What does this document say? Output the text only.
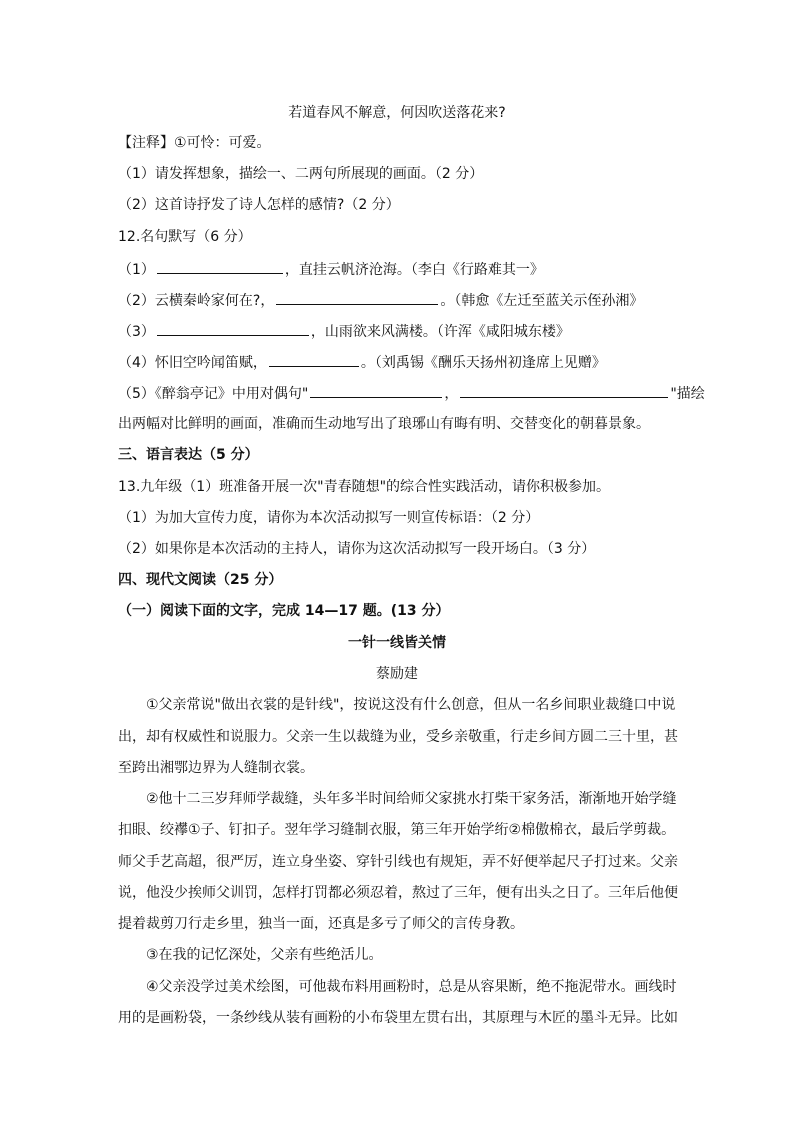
若道春风不解意，何因吹送落花来?
【注释】①可怜：可爱。
（1）请发挥想象，描绘一、二两句所展现的画面。（2 分）
（2）这首诗抒发了诗人怎样的感情?（2 分）
12.名句默写（6 分）
（1）	，直挂云帆济沧海。（李白《行路难其一》
（2）云横秦岭家何在?，	。（韩愈《左迁至蓝关示侄孙湘》
（3）	，山雨欲来风满楼。（许浑《咸阳城东楼》
（4）怀旧空吟闻笛赋，	。（刘禹锡《酬乐天扬州初逢席上见赠》
（5）《醉翁亭记》中用对偶句"	，	"描绘
出两幅对比鲜明的画面，准确而生动地写出了琅琊山有晦有明、交替变化的朝暮景象。
三、语言表达（5 分）
13.九年级（1）班准备开展一次"青春随想"的综合性实践活动，请你积极参加。
（1）为加大宣传力度，请你为本次活动拟写一则宣传标语：（2 分）
（2）如果你是本次活动的主持人，请你为这次活动拟写一段开场白。（3 分）
四、现代文阅读（25 分）
（一）阅读下面的文字，完成 14—17 题。(13 分）
一针一线皆关情
蔡励建
①父亲常说"做出衣裳的是针线"，按说这没有什么创意，但从一名乡间职业裁缝口中说
出，却有权威性和说服力。父亲一生以裁缝为业，受乡亲敬重，行走乡间方圆二三十里，甚
至跨出湘鄂边界为人缝制衣裳。
②他十二三岁拜师学裁缝，头年多半时间给师父家挑水打柴干家务活，渐渐地开始学缝
扣眼、绞襻①子、钉扣子。翌年学习缝制衣服，第三年开始学绗②棉傲棉衣，最后学剪裁。
师父手艺高超，很严厉，连立身坐姿、穿针引线也有规矩，弄不好便举起尺子打过来。父亲
说，他没少挨师父训罚，怎样打罚都必须忍着，熬过了三年，便有出头之日了。三年后他便
提着裁剪刀行走乡里，独当一面，还真是多亏了师父的言传身教。
③在我的记忆深处，父亲有些绝活儿。
④父亲没学过美术绘图，可他裁布料用画粉时，总是从容果断，绝不拖泥带水。画线时
用的是画粉袋，一条纱线从装有画粉的小布袋里左贯右出，其原理与木匠的墨斗无异。比如
